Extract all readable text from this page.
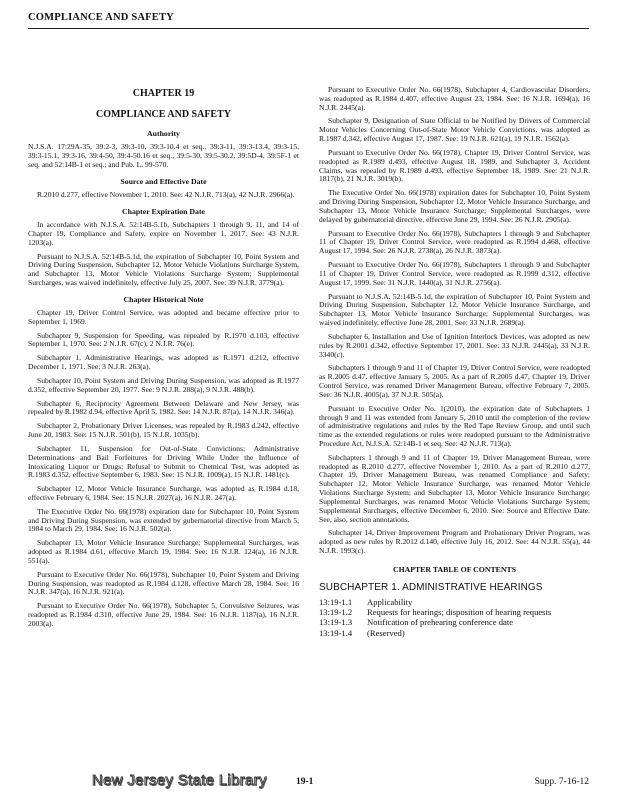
COMPLIANCE AND SAFETY
CHAPTER 19
COMPLIANCE AND SAFETY
Authority

N.J.S.A. 17:29A-35, 39:2-3, 39:3-10, 39:3-10.4 et seq., 39:3-11, 39:3-13.4, 39:3-15, 39:3-15.1, 39:3-16, 39:4-50, 39:4-50.16 et seq., 39:5-30, 39:5-30.2, 39:5D-4, 39:5F-1 et seq. and 52:14B-1 et seq.; and Pub. L. 99-570.

Source and Effective Date

R.2010 d.277, effective November 1, 2010. See: 42 N.J.R. 713(a), 42 N.J.R. 2966(a).

Chapter Expiration Date

In accordance with N.J.S.A. 52:14B-5.1b, Subchapters 1 through 9, 11, and 14 of Chapter 19, Compliance and Safety, expire on November 1, 2017. See: 43 N.J.R. 1203(a).

Pursuant to N.J.S.A. 52:14B-5.1d, the expiration of Subchapter 10, Point System and Driving During Suspension, Subchapter 12, Motor Vehicle Violations Surcharge System, and Subchapter 13, Motor Vehicle Violations Surcharge System; Supplemental Surcharges, was waived indefinitely, effective July 25, 2007. See: 39 N.J.R. 3779(a).

Chapter Historical Note

Chapter 19, Driver Control Service, was adopted and became effective prior to September 1, 1969.

Subchapter 9, Suspension for Speeding, was repealed by R.1970 d.103, effective September 1, 1970. See: 2 N.J.R. 67(c), 2 N.J.R. 76(e).

Subchapter 1, Administrative Hearings, was adopted as R.1971 d.212, effective December 1, 1971. See: 3 N.J.R. 263(a).

Subchapter 10, Point System and Driving During Suspension, was adopted as R.1977 d.352, effective September 20, 1977. See: 9 N.J.R. 288(a), 9 N.J.R. 488(b).

Subchapter 6, Reciprocity Agreement Between Delaware and New Jersey, was repealed by R.1982 d.94, effective April 5, 1982. See: 14 N.J.R. 87(a), 14 N.J.R. 346(a).

Subchapter 2, Probationary Driver Licenses, was repealed by R.1983 d.242, effective June 20, 1983. See: 15 N.J.R. 501(b), 15 N.J.R. 1035(b).

Subchapter 11, Suspension for Out-of-State Convictions; Administrative Determinations and Bail Forfeitures for Driving While Under the Influence of Intoxicating Liquor or Drugs; Refusal to Submit to Chemical Test, was adopted as R.1983 d.352, effective September 6, 1983. See: 15 N.J.R. 1009(a), 15 N.J.R. 1481(c).

Subchapter 12, Motor Vehicle Insurance Surcharge, was adopted as R.1984 d.18, effective February 6, 1984. See: 15 N.J.R. 2027(a), 16 N.J.R. 247(a).

The Executive Order No. 66(1978) expiration date for Subchapter 10, Point System and Driving During Suspension, was extended by gubernatorial directive from March 5, 1984 to March 29, 1984. See: 16 N.J.R. 502(a).

Subchapter 13, Motor Vehicle Insurance Surcharge; Supplemental Surcharges, was adopted as R.1984 d.61, effective March 19, 1984. See: 16 N.J.R. 124(a), 16 N.J.R. 551(a).

Pursuant to Executive Order No. 66(1978), Subchapter 10, Point System and Driving During Suspension, was readopted as R.1984 d.128, effective March 28, 1984. See: 16 N.J.R. 347(a), 16 N.J.R. 921(a).

Pursuant to Executive Order No. 66(1978), Subchapter 5, Convulsive Seizures, was readopted as R.1984 d.310, effective June 29, 1984. See: 16 N.J.R. 1187(a), 16 N.J.R. 2003(a).

Pursuant to Executive Order No. 66(1978), Subchapter 4, Cardiovascular Disorders, was readopted as R.1984 d.407, effective August 23, 1984. See: 16 N.J.R. 1694(a), 16 N.J.R. 2445(a).

Subchapter 9, Designation of State Official to be Notified by Drivers of Commercial Motor Vehicles Concerning Out-of-State Motor Vehicle Convictions, was adopted as R.1987 d.342, effective August 17, 1987. See: 19 N.J.R. 621(a), 19 N.J.R. 1562(a).

Pursuant to Executive Order No. 66(1978), Chapter 19, Driver Control Service, was readopted as R.1989 d.493, effective August 18, 1989, and Subchapter 3, Accident Claims, was repealed by R.1989 d.493, effective September 18, 1989. See: 21 N.J.R. 1817(b), 21 N.J.R. 3019(b).

The Executive Order No. 66(1978) expiration dates for Subchapter 10, Point System and Driving During Suspension, Subchapter 12, Motor Vehicle Insurance Surcharge, and Subchapter 13, Motor Vehicle Insurance Surcharge; Supplemental Surcharges, were delayed by gubernatorial directive, effective June 29, 1994. See: 26 N.J.R. 2905(a).

Pursuant to Executive Order No. 66(1978), Subchapters 1 through 9 and Subchapter 11 of Chapter 19, Driver Control Service, were readopted as R.1994 d.468, effective August 17, 1994. See: 26 N.J.R. 2738(a), 26 N.J.R. 3873(a).

Pursuant to Executive Order No. 66(1978), Subchapters 1 through 9 and Subchapter 11 of Chapter 19, Driver Control Service, were readopted as R.1999 d.312, effective August 17, 1999. See: 31 N.J.R. 1440(a), 31 N.J.R. 2756(a).

Pursuant to N.J.S.A. 52:14B-5.1d, the expiration of Subchapter 10, Point System and Driving During Suspension, Subchapter 12, Motor Vehicle Insurance Surcharge, and Subchapter 13, Motor Vehicle Insurance Surcharge; Supplemental Surcharges, was waived indefinitely, effective June 28, 2001. See: 33 N.J.R. 2689(a).

Subchapter 6, Installation and Use of Ignition Interlock Devices, was adopted as new rules by R.2001 d.342, effective September 17, 2001. See: 33 N.J.R. 2445(a), 33 N.J.R. 3340(c).

Subchapters 1 through 9 and 11 of Chapter 19, Driver Control Service, were readopted as R.2005 d.47, effective January 5, 2005. As a part of R.2005 d.47, Chapter 19, Driver Control Service, was renamed Driver Management Bureau, effective February 7, 2005. See: 36 N.J.R. 4005(a), 37 N.J.R. 505(a).

Pursuant to Executive Order No. 1(2010), the expiration date of Subchapters 1 through 9 and 11 was extended from January 5, 2010 until the completion of the review of administrative regulations and rules by the Red Tape Review Group, and until such time as the extended regulations or rules were readopted pursuant to the Administrative Procedure Act, N.J.S.A. 52:14B-1 et seq. See: 42 N.J.R. 713(a).

Subchapters 1 through 9 and 11 of Chapter 19, Driver Management Bureau, were readopted as R.2010 d.277, effective November 1, 2010. As a part of R.2010 d.277, Chapter 19, Driver Management Bureau, was renamed Compliance and Safety; Subchapter 12, Motor Vehicle Insurance Surcharge, was renamed Motor Vehicle Violations Surcharge System; and Subchapter 13, Motor Vehicle Insurance Surcharge; Supplemental Surcharges, was renamed Motor Vehicle Violations Surcharge System; Supplemental Surcharges, effective December 6, 2010. See: Source and Effective Date. See, also, section annotations.

Subchapter 14, Driver Improvement Program and Probationary Driver Program, was adopted as new rules by R.2012 d.140, effective July 16, 2012. See: 44 N.J.R. 55(a), 44 N.J.R. 1993(c).

CHAPTER TABLE OF CONTENTS
SUBCHAPTER 1. ADMINISTRATIVE HEARINGS
13:19-1.1	Applicability
13:19-1.2	Requests for hearings; disposition of hearing requests
13:19-1.3	Notification of prehearing conference date
13:19-1.4	(Reserved)
New Jersey State Library	19-1	Supp. 7-16-12
